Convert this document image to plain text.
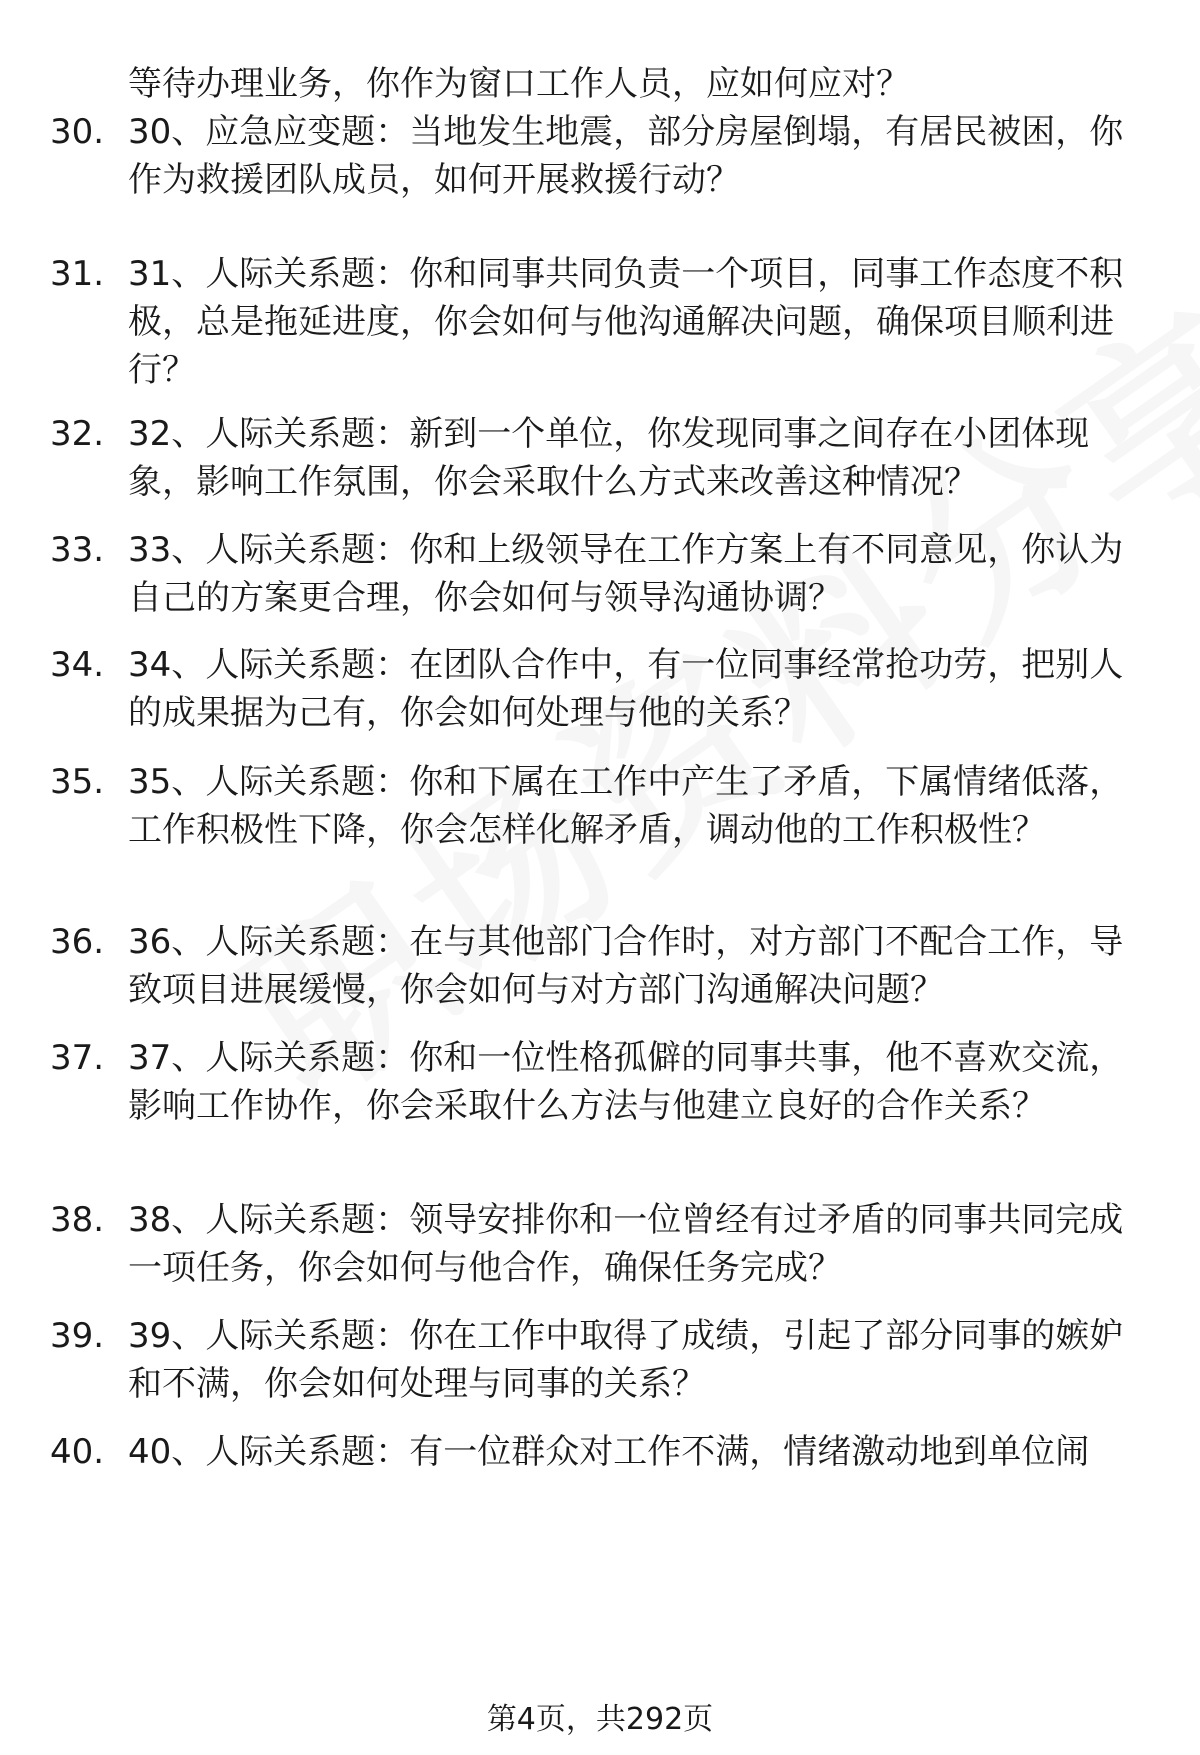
等待办理业务，你作为窗口工作人员，应如何应对？

30. 30、应急应变题：当地发生地震，部分房屋倒塌，有居民被困，你作为救援团队成员，如何开展救援行动？

31. 31、人际关系题：你和同事共同负责一个项目，同事工作态度不积极，总是拖延进度，你会如何与他沟通解决问题，确保项目顺利进行？

32. 32、人际关系题：新到一个单位，你发现同事之间存在小团体现象，影响工作氛围，你会采取什么方式来改善这种情况？

33. 33、人际关系题：你和上级领导在工作方案上有不同意见，你认为自己的方案更合理，你会如何与领导沟通协调？

34. 34、人际关系题：在团队合作中，有一位同事经常抢功劳，把别人的成果据为己有，你会如何处理与他的关系？

35. 35、人际关系题：你和下属在工作中产生了矛盾，下属情绪低落，工作积极性下降，你会怎样化解矛盾，调动他的工作积极性？

36. 36、人际关系题：在与其他部门合作时，对方部门不配合工作，导致项目进展缓慢，你会如何与对方部门沟通解决问题？

37. 37、人际关系题：你和一位性格孤僻的同事共事，他不喜欢交流，影响工作协作，你会采取什么方法与他建立良好的合作关系？

38. 38、人际关系题：领导安排你和一位曾经有过矛盾的同事共同完成一项任务，你会如何与他合作，确保任务完成？

39. 39、人际关系题：你在工作中取得了成绩，引起了部分同事的嫉妒和不满，你会如何处理与同事的关系？

40. 40、人际关系题：有一位群众对工作不满，情绪激动地到单位闹

第4页，共292页
